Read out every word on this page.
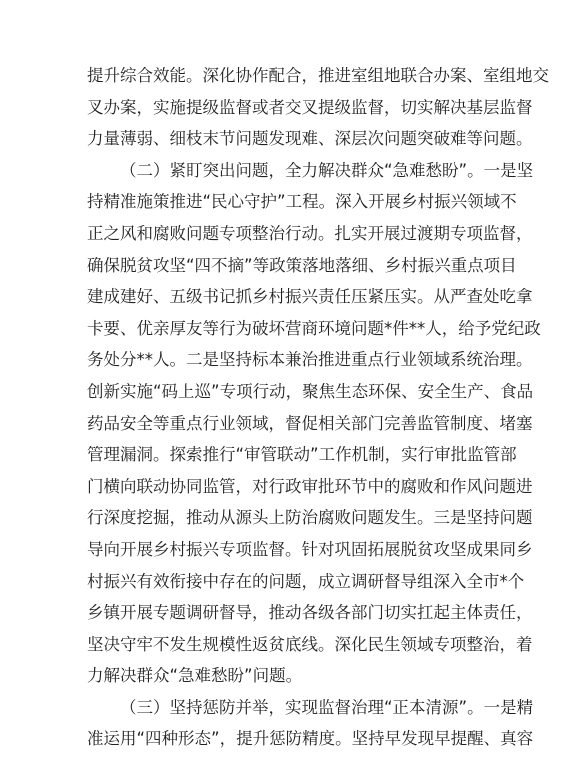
提升综合效能。深化协作配合，推进室组地联合办案、室组地交
叉办案，实施提级监督或者交叉提级监督，切实解决基层监督
力量薄弱、细枝末节问题发现难、深层次问题突破难等问题。
（二）紧盯突出问题，全力解决群众“急难愁盼”。一是坚
持精准施策推进“民心守护”工程。深入开展乡村振兴领域不
正之风和腐败问题专项整治行动。扎实开展过渡期专项监督，
确保脱贫攻坚“四不摘”等政策落地落细、乡村振兴重点项目
建成建好、五级书记抓乡村振兴责任压紧压实。从严查处吃拿
卡要、优亲厚友等行为破坏营商环境问题*件**人，给予党纪政
务处分**人。二是坚持标本兼治推进重点行业领域系统治理。
创新实施“码上巡”专项行动，聚焦生态环保、安全生产、食品
药品安全等重点行业领域，督促相关部门完善监管制度、堵塞
管理漏洞。探索推行“审管联动”工作机制，实行审批监管部
门横向联动协同监管，对行政审批环节中的腐败和作风问题进
行深度挖掘，推动从源头上防治腐败问题发生。三是坚持问题
导向开展乡村振兴专项监督。针对巩固拓展脱贫攻坚成果同乡
村振兴有效衔接中存在的问题，成立调研督导组深入全市*个
乡镇开展专题调研督导，推动各级各部门切实扛起主体责任，
坚决守牢不发生规模性返贫底线。深化民生领域专项整治，着
力解决群众“急难愁盼”问题。
（三）坚持惩防并举，实现监督治理“正本清源”。一是精
准运用“四种形态”，提升惩防精度。坚持早发现早提醒、真容
